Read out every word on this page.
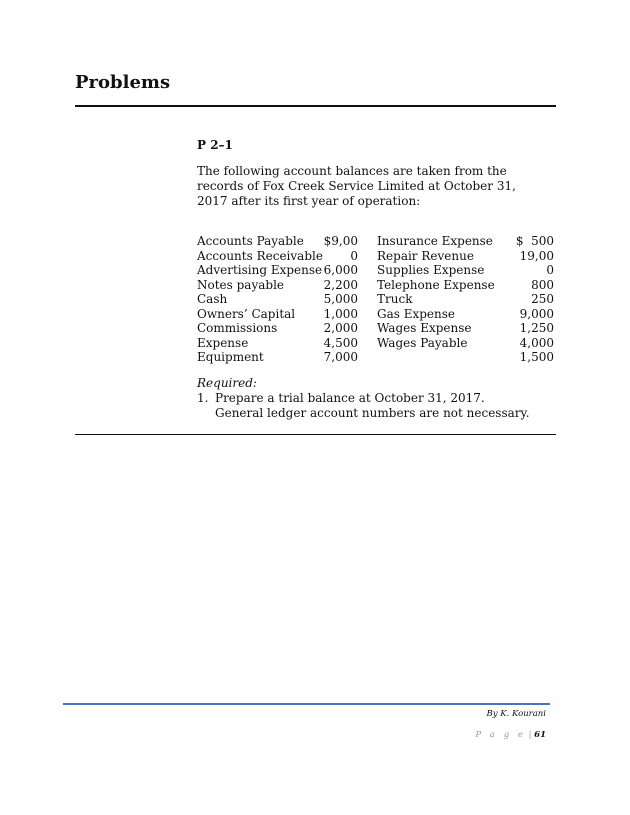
Problems
P 2–1
The following account balances are taken from the records of Fox Creek Service Limited at October 31, 2017 after its first year of operation:
Accounts Payable
Accounts Receivable
Advertising Expense
Notes payable
Cash
Owners’ Capital
Commissions
Expense
Equipment
$9,00
0
6,000
2,200
5,000
1,000
2,000
4,500
7,000
Insurance Expense
Repair Revenue
Supplies Expense
Telephone Expense
Truck
Gas Expense
Wages Expense
Wages Payable
$  500
19,00
0
800
250
9,000
1,250
4,000
1,500
Required:
1. Prepare a trial balance at October 31, 2017. General ledger account numbers are not necessary.
By K. Kourani
P a g e | 61
